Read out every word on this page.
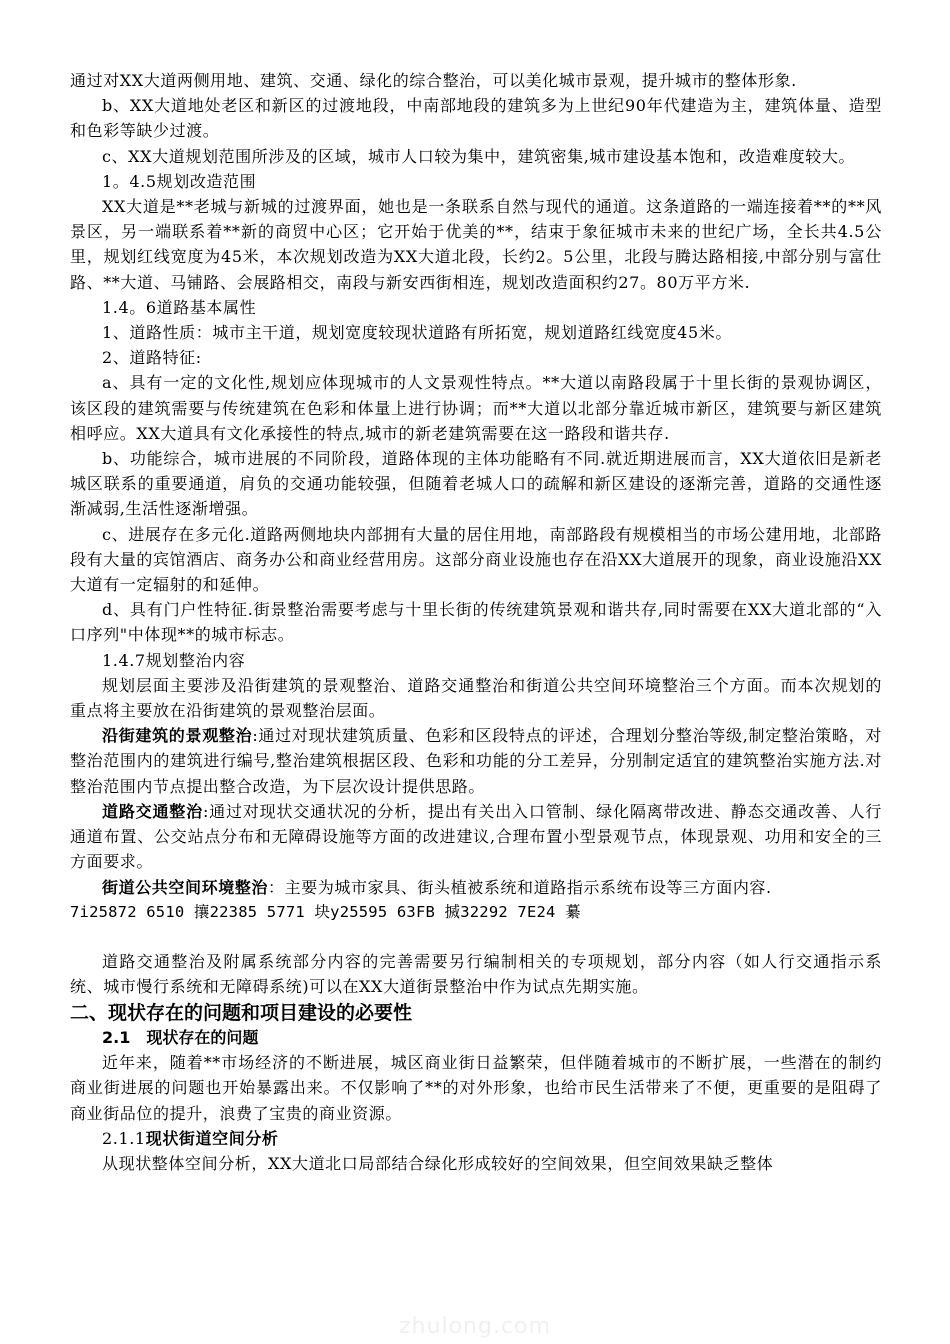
通过对XX大道两侧用地、建筑、交通、绿化的综合整治，可以美化城市景观，提升城市的整体形象.

b、XX大道地处老区和新区的过渡地段，中南部地段的建筑多为上世纪90年代建造为主，建筑体量、造型和色彩等缺少过渡。

c、XX大道规划范围所涉及的区域，城市人口较为集中，建筑密集,城市建设基本饱和，改造难度较大。

1。4.5规划改造范围

XX大道是**老城与新城的过渡界面，她也是一条联系自然与现代的通道。这条道路的一端连接着**的**风景区，另一端联系着**新的商贸中心区；它开始于优美的**，结束于象征城市未来的世纪广场，全长共4.5公里，规划红线宽度为45米，本次规划改造为XX大道北段，长约2。5公里，北段与腾达路相接,中部分别与富仕路、**大道、马铺路、会展路相交，南段与新安西街相连，规划改造面积约27。80万平方米.

1.4。6道路基本属性

1、道路性质：城市主干道，规划宽度较现状道路有所拓宽，规划道路红线宽度45米。

2、道路特征:

a、具有一定的文化性,规划应体现城市的人文景观性特点。**大道以南路段属于十里长街的景观协调区，该区段的建筑需要与传统建筑在色彩和体量上进行协调；而**大道以北部分靠近城市新区，建筑要与新区建筑相呼应。XX大道具有文化承接性的特点,城市的新老建筑需要在这一路段和谐共存.

b、功能综合，城市进展的不同阶段，道路体现的主体功能略有不同.就近期进展而言，XX大道依旧是新老城区联系的重要通道，肩负的交通功能较强，但随着老城人口的疏解和新区建设的逐渐完善，道路的交通性逐渐减弱,生活性逐渐增强。

c、进展存在多元化.道路两侧地块内部拥有大量的居住用地，南部路段有规模相当的市场公建用地，北部路段有大量的宾馆酒店、商务办公和商业经营用房。这部分商业设施也存在沿XX大道展开的现象，商业设施沿XX大道有一定辐射的和延伸。

d、具有门户性特征.街景整治需要考虑与十里长街的传统建筑景观和谐共存,同时需要在XX大道北部的“入口序列"中体现**的城市标志。

1.4.7规划整治内容

规划层面主要涉及沿街建筑的景观整治、道路交通整治和街道公共空间环境整治三个方面。而本次规划的重点将主要放在沿街建筑的景观整治层面。

沿街建筑的景观整治:通过对现状建筑质量、色彩和区段特点的评述，合理划分整治等级,制定整治策略，对整治范围内的建筑进行编号,整治建筑根据区段、色彩和功能的分工差异，分别制定适宜的建筑整治实施方法.对整治范围内节点提出整合改造，为下层次设计提供思路。

道路交通整治:通过对现状交通状况的分析，提出有关出入口管制、绿化隔离带改进、静态交通改善、人行通道布置、公交站点分布和无障碍设施等方面的改进建议,合理布置小型景观节点，体现景观、功用和安全的三方面要求。

街道公共空间环境整治：主要为城市家具、街头植被系统和道路指示系统布设等三方面内容.

7i25872 6510 攘22385 5771 块y25595 63FB 搣32292 7E24 繤

道路交通整治及附属系统部分内容的完善需要另行编制相关的专项规划，部分内容（如人行交通指示系统、城市慢行系统和无障碍系统)可以在XX大道街景整治中作为试点先期实施。

二、现状存在的问题和项目建设的必要性

2.1 现状存在的问题

近年来，随着**市场经济的不断进展，城区商业街日益繁荣，但伴随着城市的不断扩展，一些潜在的制约商业街进展的问题也开始暴露出来。不仅影响了**的对外形象，也给市民生活带来了不便，更重要的是阻碍了商业街品位的提升，浪费了宝贵的商业资源。

2.1.1现状街道空间分析

从现状整体空间分析，XX大道北口局部结合绿化形成较好的空间效果，但空间效果缺乏整体

zhulong.com
